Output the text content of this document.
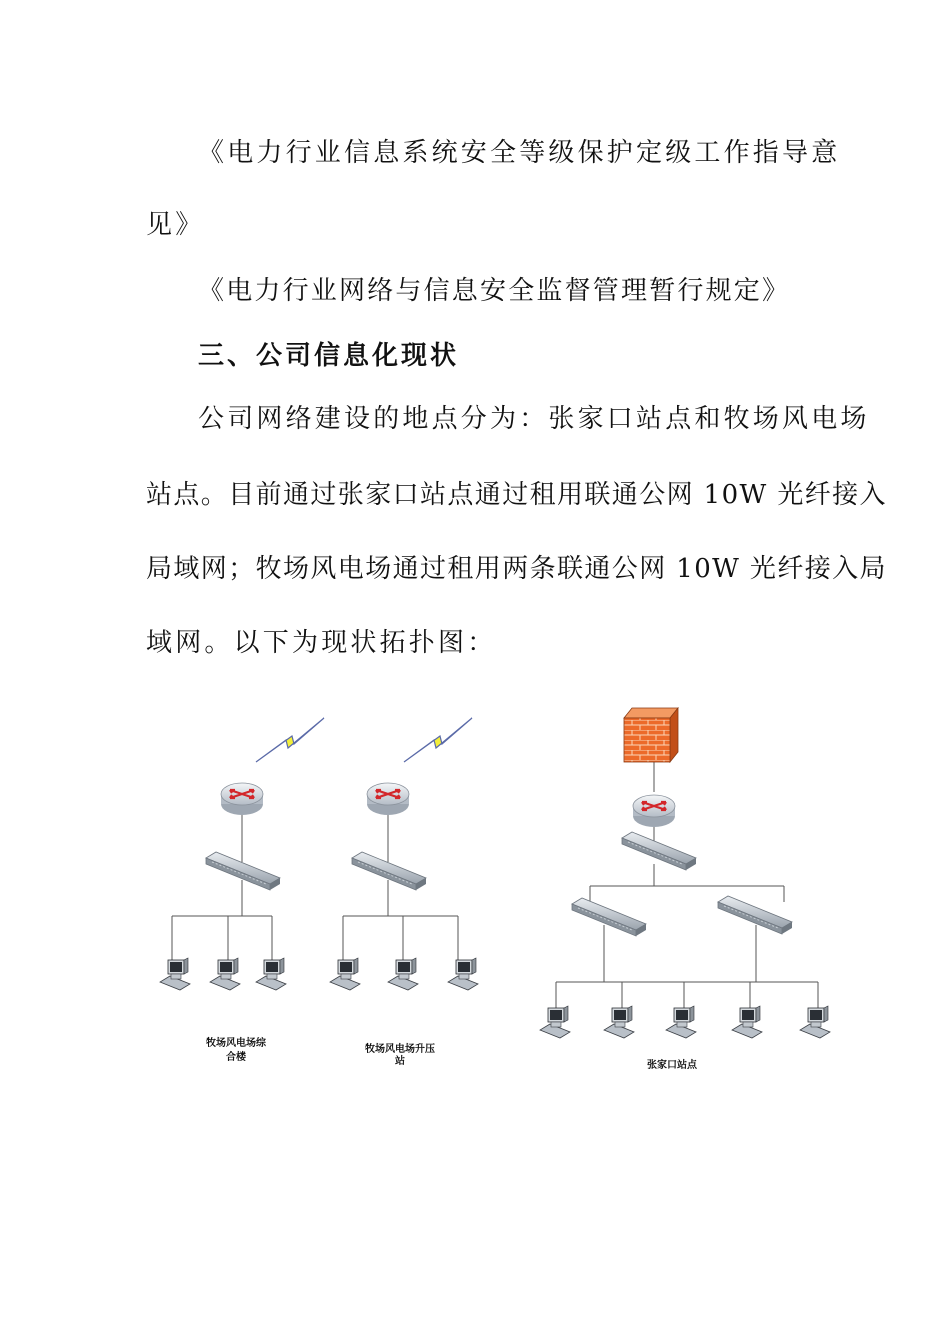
《电力行业信息系统安全等级保护定级工作指导意
见》
《电力行业网络与信息安全监督管理暂行规定》
三、公司信息化现状
公司网络建设的地点分为：张家口站点和牧场风电场
站点。目前通过张家口站点通过租用联通公网 10W 光纤接入
局域网；牧场风电场通过租用两条联通公网 10W 光纤接入局
域网。以下为现状拓扑图：
牧场风电场综
合楼
牧场风电场升压
站	张家口站点
